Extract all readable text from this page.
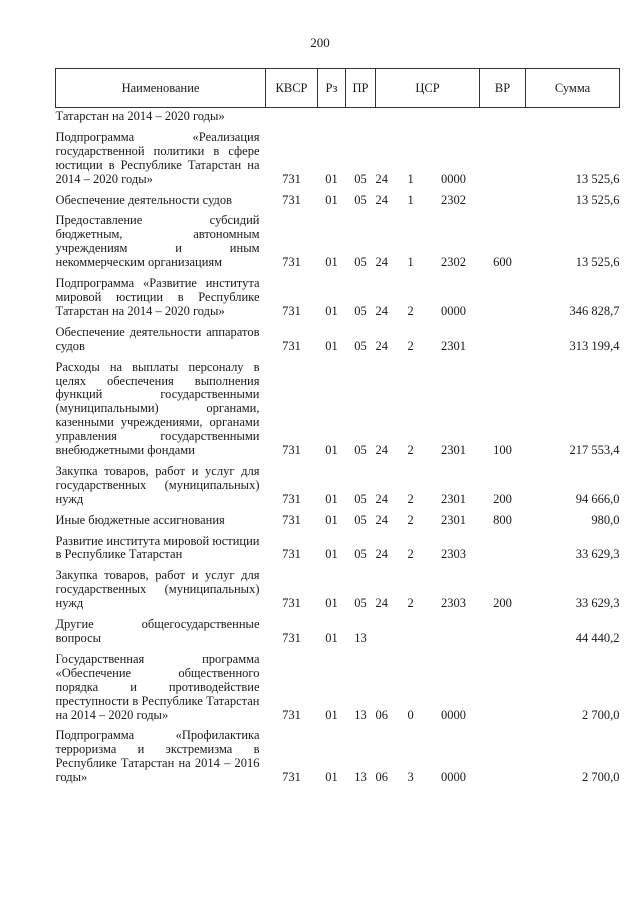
200
Наименование	КВСР	Рз	ПР	ЦСР			ВР	Сумма
Татарстан на 2014 – 2020 годы»								
Подпрограмма «Реализация государственной политики в сфере юстиции в Республике Татарстан на 2014 – 2020 годы»	731	01	05	24	1	0000		13 525,6
Обеспечение деятельности судов	731	01	05	24	1	2302		13 525,6
Предоставление субсидий бюджетным, автономным учреждениям и иным некоммерческим организациям	731	01	05	24	1	2302	600	13 525,6
Подпрограмма «Развитие института мировой юстиции в Республике Татарстан на 2014 – 2020 годы»	731	01	05	24	2	0000		346 828,7
Обеспечение деятельности аппаратов судов	731	01	05	24	2	2301		313 199,4
Расходы на выплаты персоналу в целях обеспечения выполнения функций государственными (муниципальными) органами, казенными учреждениями, органами управления государственными внебюджетными фондами	731	01	05	24	2	2301	100	217 553,4
Закупка товаров, работ и услуг для государственных (муниципальных) нужд	731	01	05	24	2	2301	200	94 666,0
Иные бюджетные ассигнования	731	01	05	24	2	2301	800	980,0
Развитие института мировой юстиции в Республике Татарстан	731	01	05	24	2	2303		33 629,3
Закупка товаров, работ и услуг для государственных (муниципальных) нужд	731	01	05	24	2	2303	200	33 629,3
Другие общегосударственные вопросы	731	01	13					44 440,2
Государственная программа «Обеспечение общественного порядка и противодействие преступности в Республике Татарстан на 2014 – 2020 годы»	731	01	13	06	0	0000		2 700,0
Подпрограмма «Профилактика терроризма и экстремизма в Республике Татарстан на 2014 – 2016 годы»	731	01	13	06	3	0000		2 700,0
